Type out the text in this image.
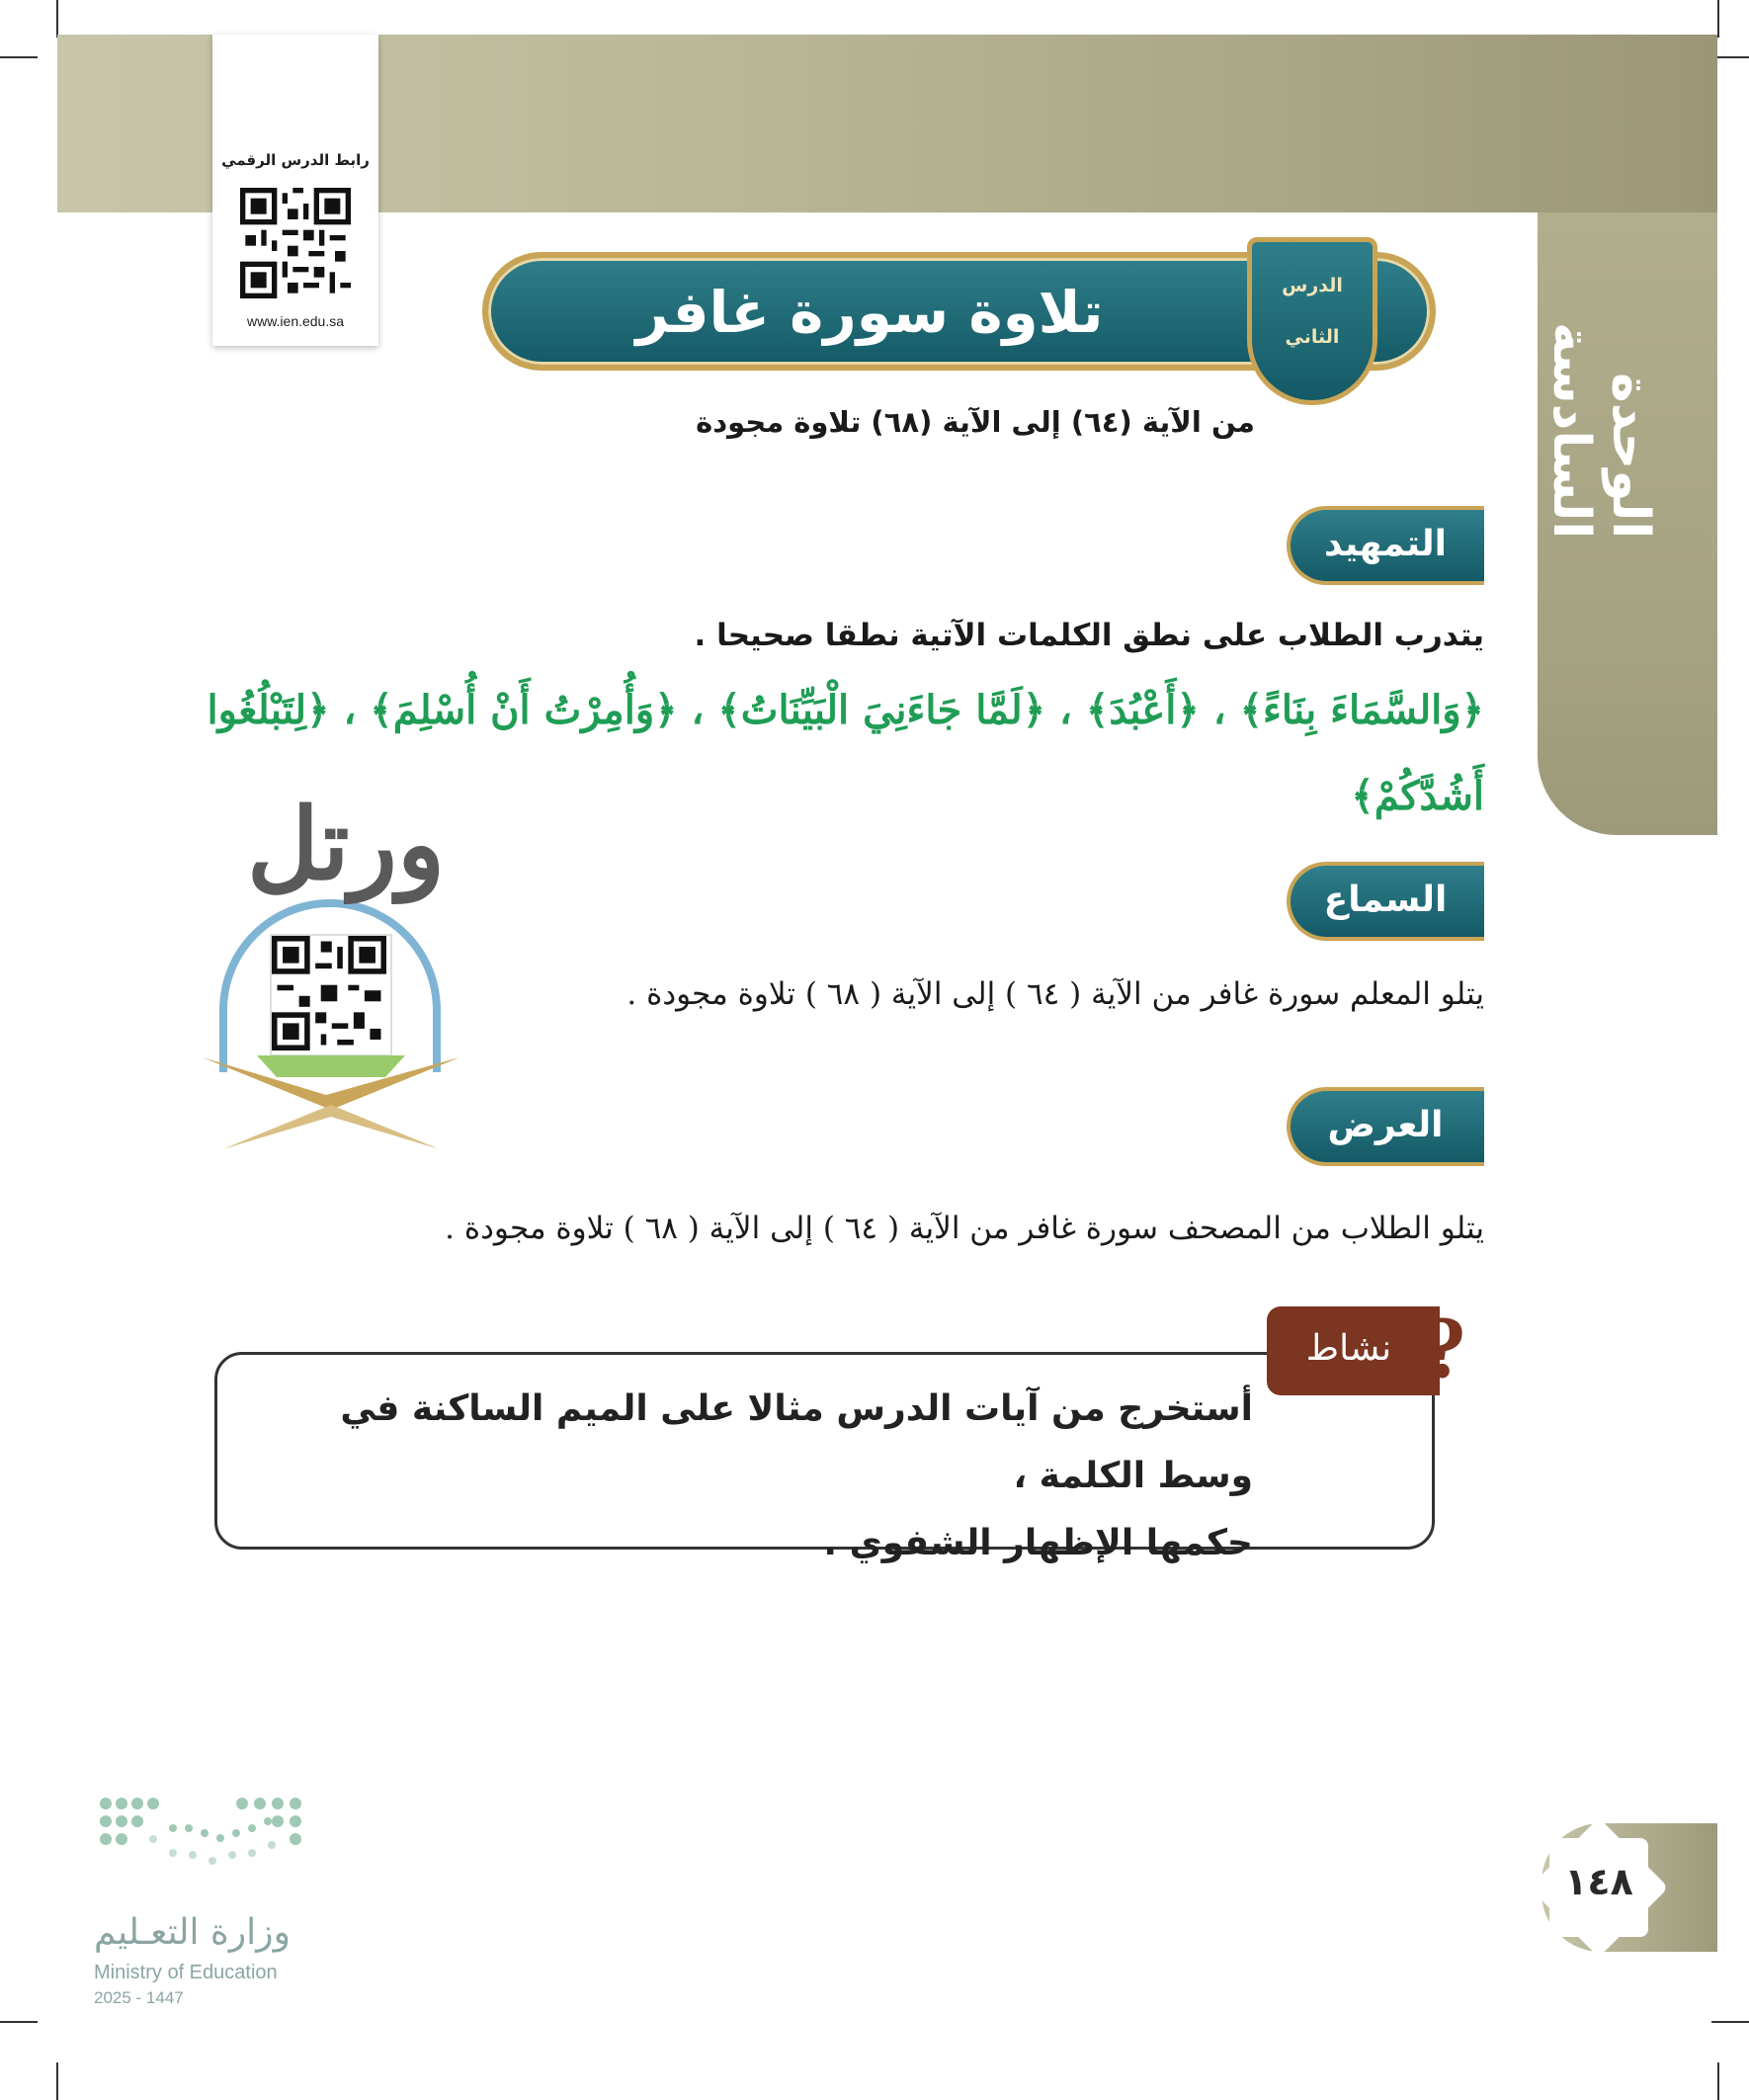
الوحدة السادسة
رابط الدرس الرقمي
www.ien.edu.sa	تلاوة سورة غافر	الدرس
الثاني
من الآية (٦٤) إلى الآية (٦٨) تلاوة مجودة
التمهيد
يتدرب الطلاب على نطق الكلمات الآتية نطقا صحيحا .
﴿وَالسَّمَاءَ بِنَاءً﴾ ، ﴿أَعْبُدَ﴾ ، ﴿لَمَّا جَاءَنِيَ الْبَيِّنَاتُ﴾ ، ﴿وَأُمِرْتُ أَنْ أُسْلِمَ﴾ ، ﴿لِتَبْلُغُوا
أَشُدَّكُمْ﴾
السماع
ورتل
يتلو المعلم سورة غافر من الآية ( ٦٤ ) إلى الآية ( ٦٨ ) تلاوة مجودة .
العرض
يتلو الطلاب من المصحف سورة غافر من الآية ( ٦٤ ) إلى الآية ( ٦٨ ) تلاوة مجودة .
نشاط ?
أستخرج من آيات الدرس مثالا على الميم الساكنة في وسط الكلمة ،
حكمها الإظهار الشفوي .
١٤٨
وزارة التعـليم
Ministry of Education
2025 - 1447
